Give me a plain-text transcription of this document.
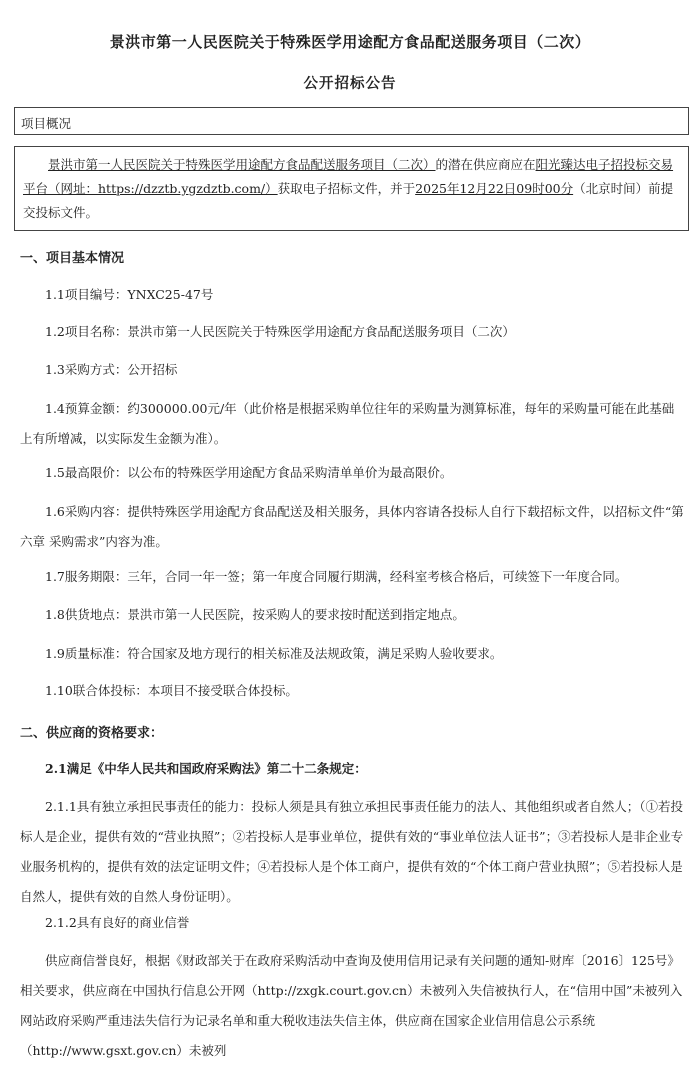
景洪市第一人民医院关于特殊医学用途配方食品配送服务项目（二次）
公开招标公告
项目概况
景洪市第一人民医院关于特殊医学用途配方食品配送服务项目（二次）的潜在供应商应在阳光臻达电子招投标交易平台（网址：https://dzztb.ygzdztb.com/）获取电子招标文件，并于2025年12月22日09时00分（北京时间）前提交投标文件。
一、项目基本情况
1.1项目编号：YNXC25-47号
1.2项目名称：景洪市第一人民医院关于特殊医学用途配方食品配送服务项目（二次）
1.3采购方式：公开招标
1.4预算金额：约300000.00元/年（此价格是根据采购单位往年的采购量为测算标准，每年的采购量可能在此基础上有所增减，以实际发生金额为准）。
1.5最高限价：以公布的特殊医学用途配方食品采购清单单价为最高限价。
1.6采购内容：提供特殊医学用途配方食品配送及相关服务，具体内容请各投标人自行下载招标文件，以招标文件“第六章 采购需求”内容为准。
1.7服务期限：三年，合同一年一签；第一年度合同履行期满，经科室考核合格后，可续签下一年度合同。
1.8供货地点：景洪市第一人民医院，按采购人的要求按时配送到指定地点。
1.9质量标准：符合国家及地方现行的相关标准及法规政策，满足采购人验收要求。
1.10联合体投标：本项目不接受联合体投标。
二、供应商的资格要求：
2.1满足《中华人民共和国政府采购法》第二十二条规定：
2.1.1具有独立承担民事责任的能力：投标人须是具有独立承担民事责任能力的法人、其他组织或者自然人；（①若投标人是企业，提供有效的“营业执照”；②若投标人是事业单位，提供有效的“事业单位法人证书”；③若投标人是非企业专业服务机构的，提供有效的法定证明文件；④若投标人是个体工商户，提供有效的“个体工商户营业执照”；⑤若投标人是自然人，提供有效的自然人身份证明）。
2.1.2具有良好的商业信誉
供应商信誉良好，根据《财政部关于在政府采购活动中查询及使用信用记录有关问题的通知-财库〔2016〕125号》相关要求，供应商在中国执行信息公开网（http://zxgk.court.gov.cn）未被列入失信被执行人，在“信用中国”未被列入网站政府采购严重违法失信行为记录名单和重大税收违法失信主体，供应商在国家企业信用信息公示系统（http://www.gsxt.gov.cn）未被列
